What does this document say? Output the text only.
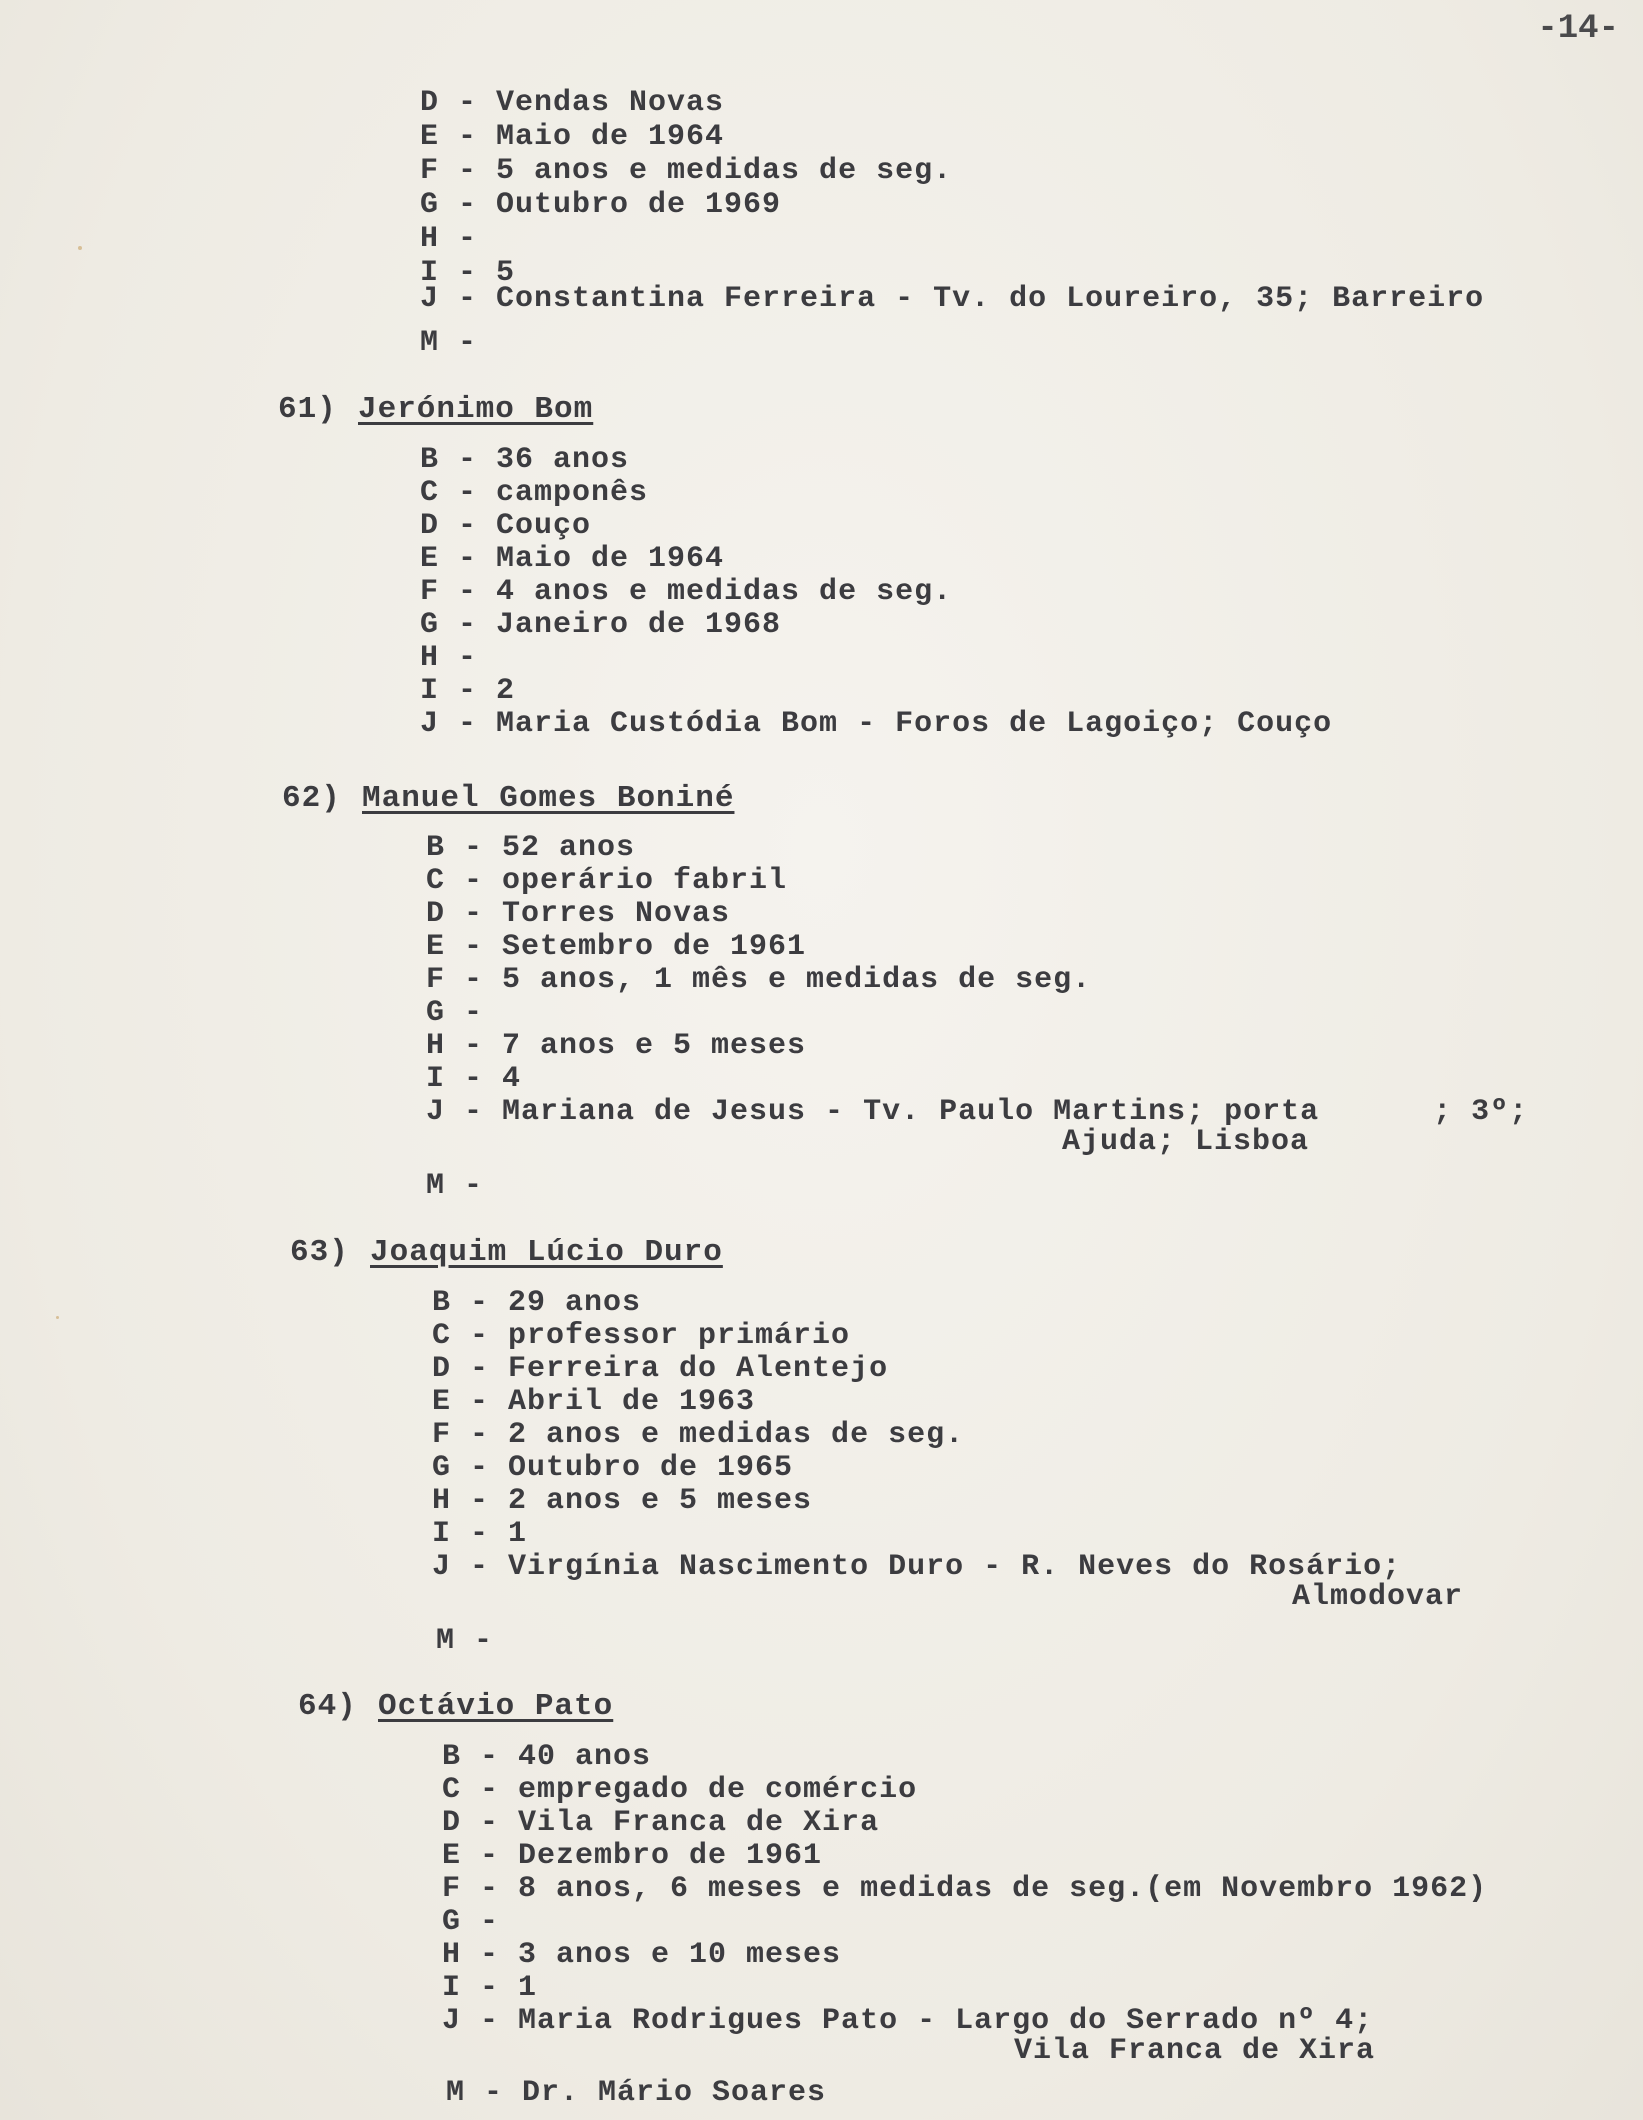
-14-
D - Vendas Novas
E - Maio de 1964
F - 5 anos e medidas de seg.
G - Outubro de 1969
H -
I - 5
J - Constantina Ferreira - Tv. do Loureiro, 35; Barreiro
M -
61) Jerónimo Bom
B - 36 anos
C - camponês
D - Couço
E - Maio de 1964
F - 4 anos e medidas de seg.
G - Janeiro de 1968
H -
I - 2
J - Maria Custódia Bom - Foros de Lagoiço; Couço
62) Manuel Gomes Boniné
B - 52 anos
C - operário fabril
D - Torres Novas
E - Setembro de 1961
F - 5 anos, 1 mês e medidas de seg.
G -
H - 7 anos e 5 meses
I - 4
J - Mariana de Jesus - Tv. Paulo Martins; porta      ; 3º;
Ajuda; Lisboa
M -
63) Joaquim Lúcio Duro
B - 29 anos
C - professor primário
D - Ferreira do Alentejo
E - Abril de 1963
F - 2 anos e medidas de seg.
G - Outubro de 1965
H - 2 anos e 5 meses
I - 1
J - Virgínia Nascimento Duro - R. Neves do Rosário;
Almodovar
M -
64) Octávio Pato
B - 40 anos
C - empregado de comércio
D - Vila Franca de Xira
E - Dezembro de 1961
F - 8 anos, 6 meses e medidas de seg.(em Novembro 1962)
G -
H - 3 anos e 10 meses
I - 1
J - Maria Rodrigues Pato - Largo do Serrado nº 4;
Vila Franca de Xira
M - Dr. Mário Soares
